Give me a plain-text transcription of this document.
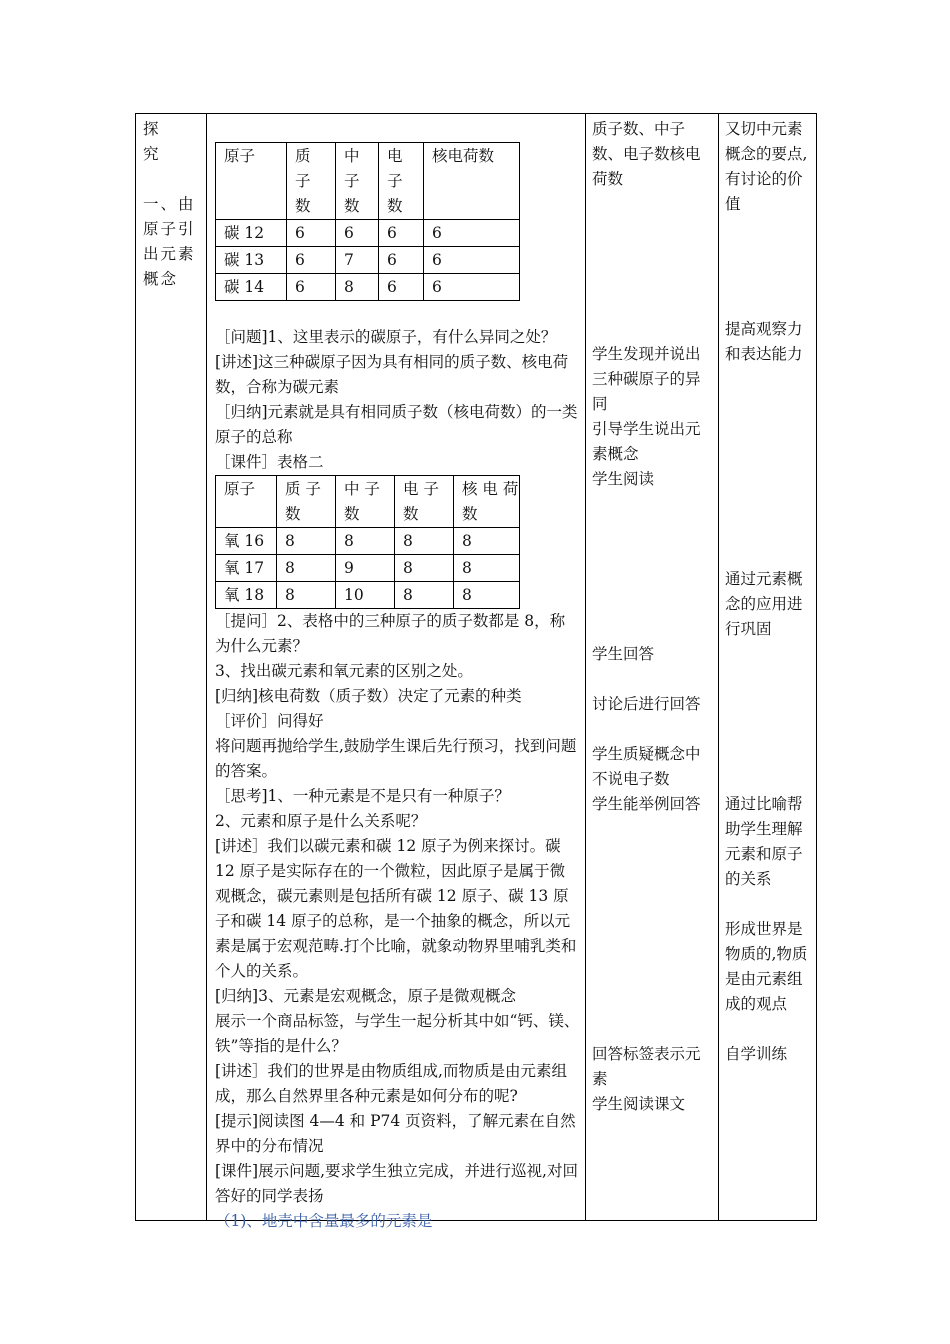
探

究

一、由

原子引

出元素

概念

原子	质子数	中子数	电子数	核电荷数
碳 12	6	6	6	6
碳 13	6	7	6	6
碳 14	6	8	6	6

［问题]1、这里表示的碳原子，有什么异同之处？

[讲述]这三种碳原子因为具有相同的质子数、核电荷数，合称为碳元素

［归纳]元素就是具有相同质子数（核电荷数）的一类原子的总称

［课件］表格二

原子	质 子 数	中 子 数	电 子 数	核 电 荷数
氧 16	8	8	8	8
氧 17	8	9	8	8
氧 18	8	10	8	8

［提问］2、表格中的三种原子的质子数都是 8，称为什么元素？

3、找出碳元素和氧元素的区别之处。

[归纳]核电荷数（质子数）决定了元素的种类

［评价］问得好

将问题再抛给学生,鼓励学生课后先行预习，找到问题的答案。

［思考]1、一种元素是不是只有一种原子？

2、元素和原子是什么关系呢？

[讲述］我们以碳元素和碳 12 原子为例来探讨。碳 12 原子是实际存在的一个微粒，因此原子是属于微观概念，碳元素则是包括所有碳 12 原子、碳 13 原子和碳 14 原子的总称，是一个抽象的概念，所以元素是属于宏观范畴.打个比喻，就象动物界里哺乳类和个人的关系。

[归纳]3、元素是宏观概念，原子是微观概念

展示一个商品标签，与学生一起分析其中如“钙、镁、铁”等指的是什么？

[讲述］我们的世界是由物质组成,而物质是由元素组成，那么自然界里各种元素是如何分布的呢?

[提示]阅读图 4—4 和 P74 页资料，了解元素在自然界中的分布情况

[课件]展示问题,要求学生独立完成，并进行巡视,对回答好的同学表扬

（1)、地壳中含量最多的元素是

质子数、中子数、电子数核电荷数

学生发现并说出三种碳原子的异同

引导学生说出元素概念

学生阅读

学生回答

讨论后进行回答

学生质疑概念中不说电子数

学生能举例回答

回答标签表示元素

学生阅读课文

又切中元素概念的要点,有讨论的价值

提高观察力和表达能力

通过元素概念的应用进行巩固

通过比喻帮助学生理解元素和原子的关系

形成世界是物质的,物质是由元素组成的观点

自学训练
